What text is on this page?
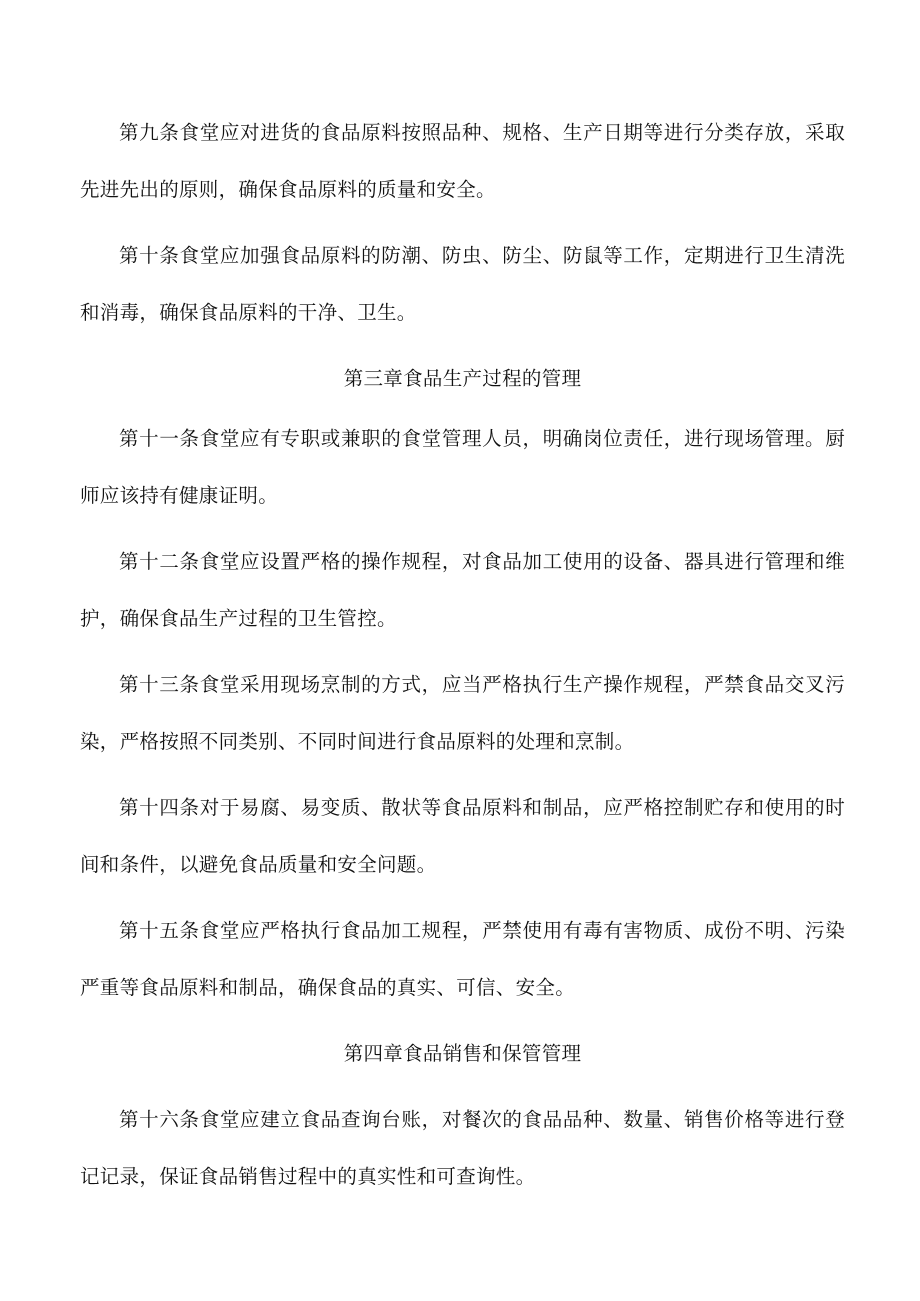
第九条食堂应对进货的食品原料按照品种、规格、生产日期等进行分类存放，采取先进先出的原则，确保食品原料的质量和安全。

第十条食堂应加强食品原料的防潮、防虫、防尘、防鼠等工作，定期进行卫生清洗和消毒，确保食品原料的干净、卫生。

第三章食品生产过程的管理

第十一条食堂应有专职或兼职的食堂管理人员，明确岗位责任，进行现场管理。厨师应该持有健康证明。

第十二条食堂应设置严格的操作规程，对食品加工使用的设备、器具进行管理和维护，确保食品生产过程的卫生管控。

第十三条食堂采用现场烹制的方式，应当严格执行生产操作规程，严禁食品交叉污染，严格按照不同类别、不同时间进行食品原料的处理和烹制。

第十四条对于易腐、易变质、散状等食品原料和制品，应严格控制贮存和使用的时间和条件，以避免食品质量和安全问题。

第十五条食堂应严格执行食品加工规程，严禁使用有毒有害物质、成份不明、污染严重等食品原料和制品，确保食品的真实、可信、安全。

第四章食品销售和保管管理

第十六条食堂应建立食品查询台账，对餐次的食品品种、数量、销售价格等进行登记记录，保证食品销售过程中的真实性和可查询性。
